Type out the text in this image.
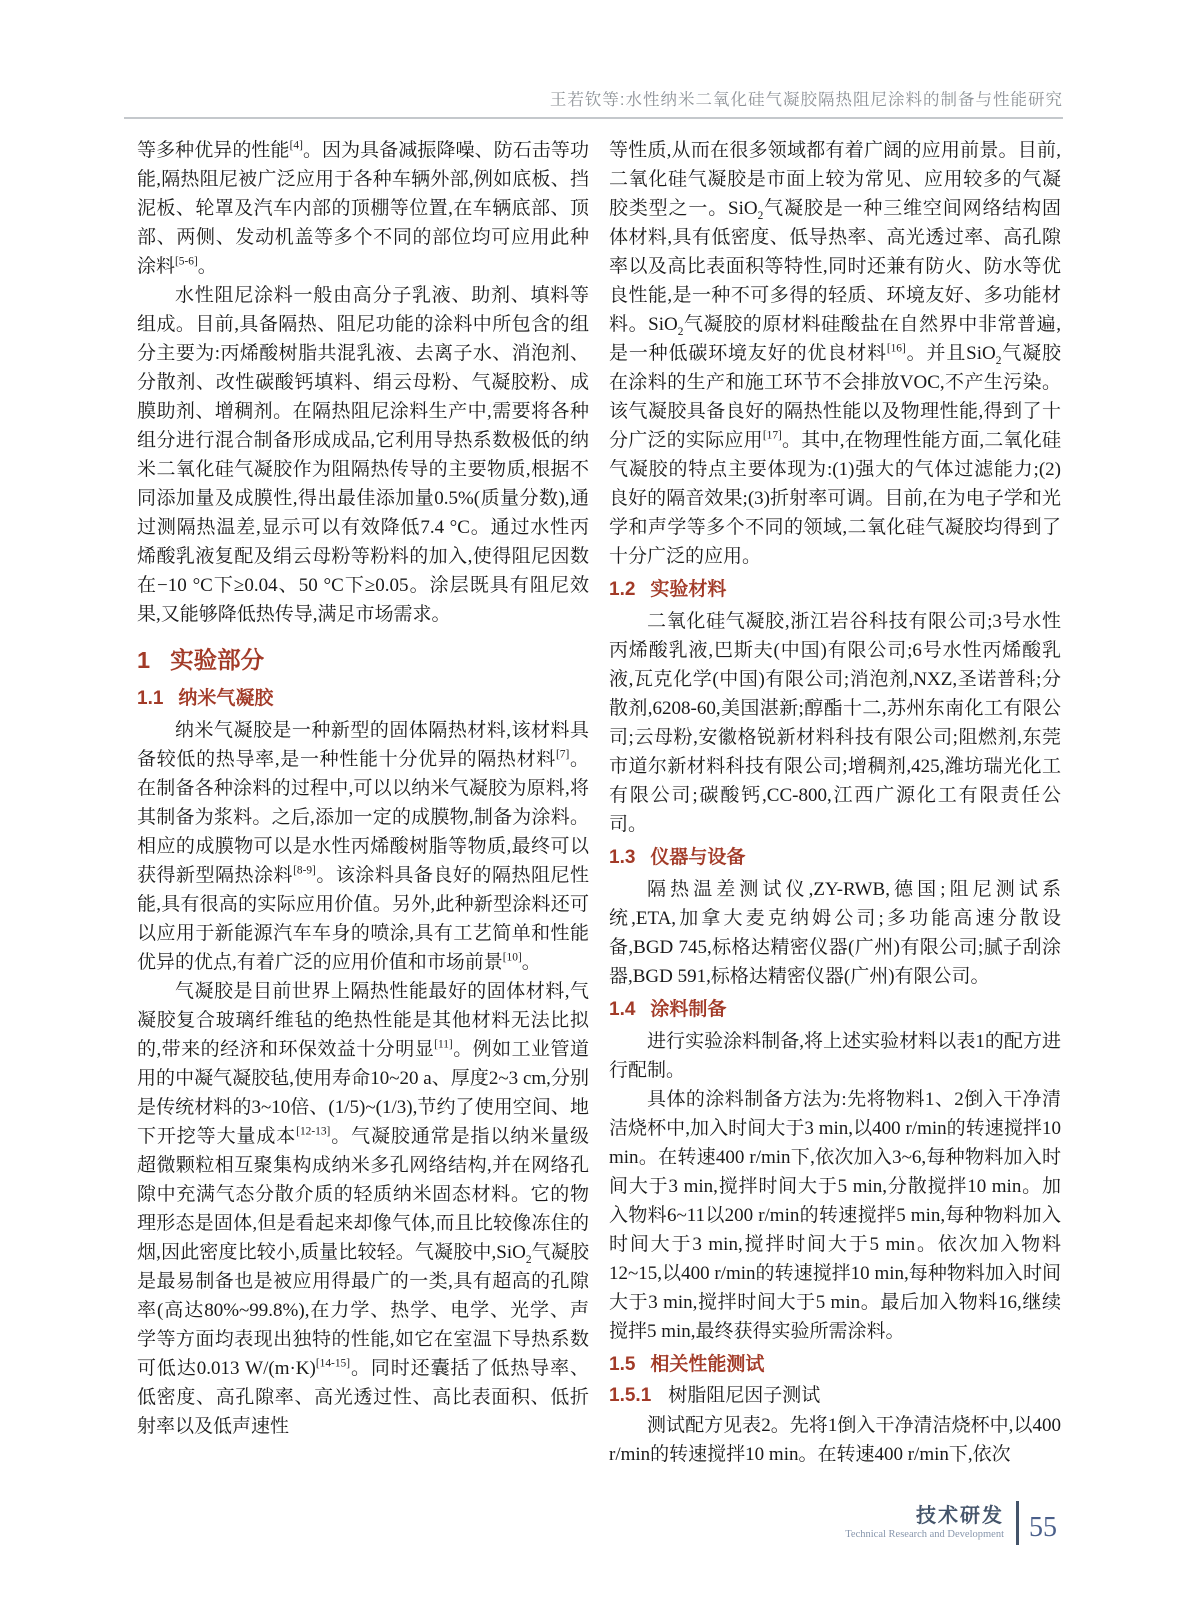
王若钦等:水性纳米二氧化硅气凝胶隔热阻尼涂料的制备与性能研究

等多种优异的性能[4]。因为具备减振降噪、防石击等功能,隔热阻尼被广泛应用于各种车辆外部,例如底板、挡泥板、轮罩及汽车内部的顶棚等位置,在车辆底部、顶部、两侧、发动机盖等多个不同的部位均可应用此种涂料[5-6]。

水性阻尼涂料一般由高分子乳液、助剂、填料等组成。目前,具备隔热、阻尼功能的涂料中所包含的组分主要为:丙烯酸树脂共混乳液、去离子水、消泡剂、分散剂、改性碳酸钙填料、绢云母粉、气凝胶粉、成膜助剂、增稠剂。在隔热阻尼涂料生产中,需要将各种组分进行混合制备形成成品,它利用导热系数极低的纳米二氧化硅气凝胶作为阻隔热传导的主要物质,根据不同添加量及成膜性,得出最佳添加量0.5%(质量分数),通过测隔热温差,显示可以有效降低7.4 °C。通过水性丙烯酸乳液复配及绢云母粉等粉料的加入,使得阻尼因数在−10 °C下≥0.04、50 °C下≥0.05。涂层既具有阻尼效果,又能够降低热传导,满足市场需求。

1 实验部分
1.1 纳米气凝胶

纳米气凝胶是一种新型的固体隔热材料,该材料具备较低的热导率,是一种性能十分优异的隔热材料[7]。在制备各种涂料的过程中,可以以纳米气凝胶为原料,将其制备为浆料。之后,添加一定的成膜物,制备为涂料。相应的成膜物可以是水性丙烯酸树脂等物质,最终可以获得新型隔热涂料[8-9]。该涂料具备良好的隔热阻尼性能,具有很高的实际应用价值。另外,此种新型涂料还可以应用于新能源汽车车身的喷涂,具有工艺简单和性能优异的优点,有着广泛的应用价值和市场前景[10]。

气凝胶是目前世界上隔热性能最好的固体材料,气凝胶复合玻璃纤维毡的绝热性能是其他材料无法比拟的,带来的经济和环保效益十分明显[11]。例如工业管道用的中凝气凝胶毡,使用寿命10~20 a、厚度2~3 cm,分别是传统材料的3~10倍、(1/5)~(1/3),节约了使用空间、地下开挖等大量成本[12-13]。气凝胶通常是指以纳米量级超微颗粒相互聚集构成纳米多孔网络结构,并在网络孔隙中充满气态分散介质的轻质纳米固态材料。它的物理形态是固体,但是看起来却像气体,而且比较像冻住的烟,因此密度比较小,质量比较轻。气凝胶中,SiO$_2$气凝胶是最易制备也是被应用得最广的一类,具有超高的孔隙率(高达80%~99.8%),在力学、热学、电学、光学、声学等方面均表现出独特的性能,如它在室温下导热系数可低达0.013 W/(m·K)[14-15]。同时还囊括了低热导率、低密度、高孔隙率、高光透过性、高比表面积、低折射率以及低声速性

等性质,从而在很多领域都有着广阔的应用前景。目前,二氧化硅气凝胶是市面上较为常见、应用较多的气凝胶类型之一。SiO$_2$气凝胶是一种三维空间网络结构固体材料,具有低密度、低导热率、高光透过率、高孔隙率以及高比表面积等特性,同时还兼有防火、防水等优良性能,是一种不可多得的轻质、环境友好、多功能材料。SiO$_2$气凝胶的原材料硅酸盐在自然界中非常普遍,是一种低碳环境友好的优良材料[16]。并且SiO$_2$气凝胶在涂料的生产和施工环节不会排放VOC,不产生污染。该气凝胶具备良好的隔热性能以及物理性能,得到了十分广泛的实际应用[17]。其中,在物理性能方面,二氧化硅气凝胶的特点主要体现为:(1)强大的气体过滤能力;(2)良好的隔音效果;(3)折射率可调。目前,在为电子学和光学和声学等多个不同的领域,二氧化硅气凝胶均得到了十分广泛的应用。

1.2 实验材料

二氧化硅气凝胶,浙江岩谷科技有限公司;3号水性丙烯酸乳液,巴斯夫(中国)有限公司;6号水性丙烯酸乳液,瓦克化学(中国)有限公司;消泡剂,NXZ,圣诺普科;分散剂,6208-60,美国湛新;醇酯十二,苏州东南化工有限公司;云母粉,安徽格锐新材料科技有限公司;阻燃剂,东莞市道尔新材料科技有限公司;增稠剂,425,潍坊瑞光化工有限公司;碳酸钙,CC-800,江西广源化工有限责任公司。

1.3 仪器与设备

隔热温差测试仪,ZY-RWB,德国;阻尼测试系统,ETA,加拿大麦克纳姆公司;多功能高速分散设备,BGD 745,标格达精密仪器(广州)有限公司;腻子刮涂器,BGD 591,标格达精密仪器(广州)有限公司。

1.4 涂料制备

进行实验涂料制备,将上述实验材料以表1的配方进行配制。

具体的涂料制备方法为:先将物料1、2倒入干净清洁烧杯中,加入时间大于3 min,以400 r/min的转速搅拌10 min。在转速400 r/min下,依次加入3~6,每种物料加入时间大于3 min,搅拌时间大于5 min,分散搅拌10 min。加入物料6~11以200 r/min的转速搅拌5 min,每种物料加入时间大于3 min,搅拌时间大于5 min。依次加入物料12~15,以400 r/min的转速搅拌10 min,每种物料加入时间大于3 min,搅拌时间大于5 min。最后加入物料16,继续搅拌5 min,最终获得实验所需涂料。

1.5 相关性能测试
1.5.1 树脂阻尼因子测试

测试配方见表2。先将1倒入干净清洁烧杯中,以400 r/min的转速搅拌10 min。在转速400 r/min下,依次

技术研发
Technical Research and Development 55
